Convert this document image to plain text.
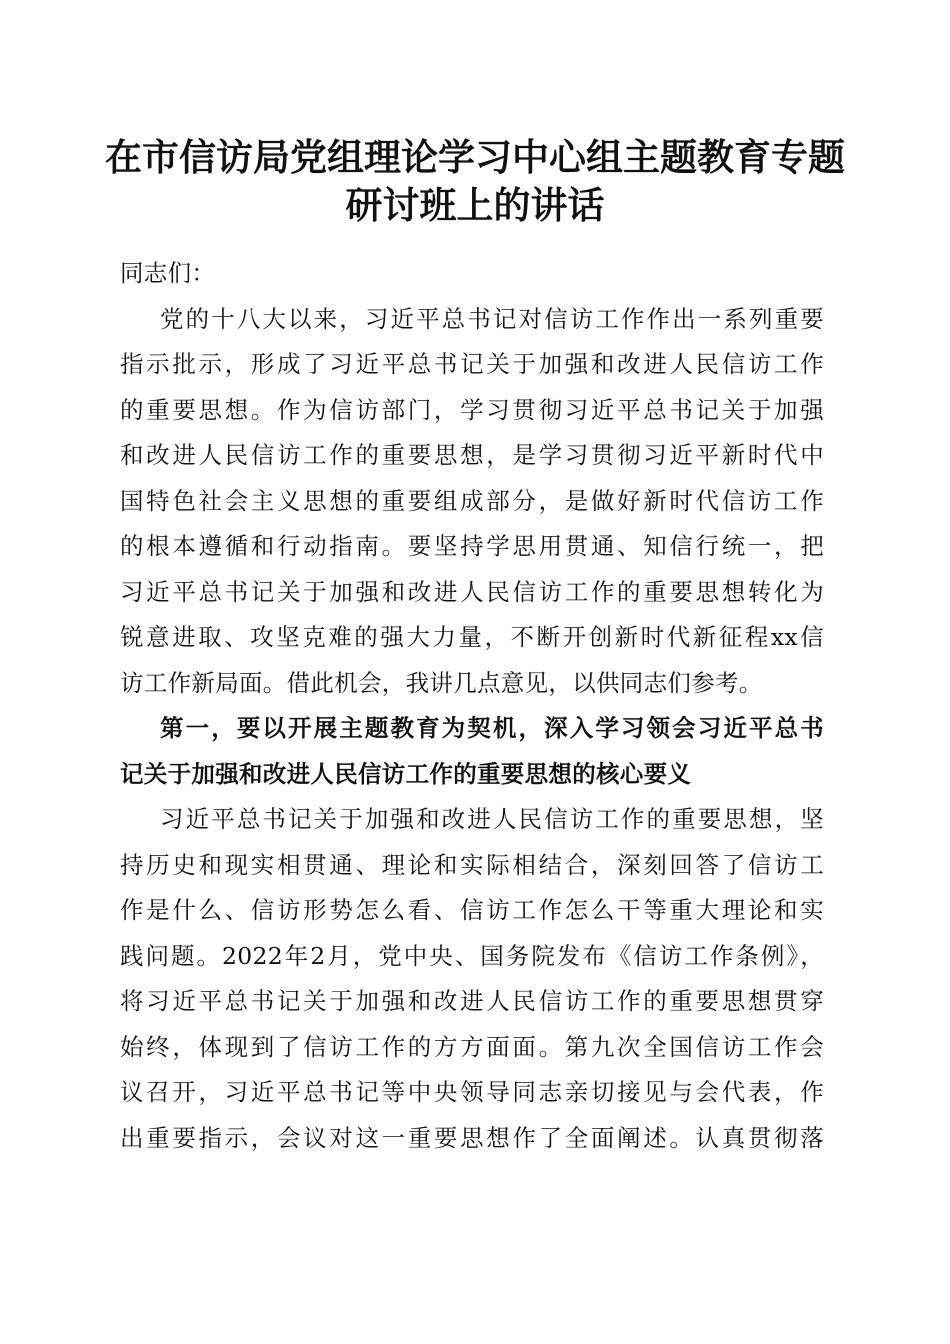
在市信访局党组理论学习中心组主题教育专题
研讨班上的讲话
同志们：
党的十八大以来，习近平总书记对信访工作作出一系列重要
指示批示，形成了习近平总书记关于加强和改进人民信访工作
的重要思想。作为信访部门，学习贯彻习近平总书记关于加强
和改进人民信访工作的重要思想，是学习贯彻习近平新时代中
国特色社会主义思想的重要组成部分，是做好新时代信访工作
的根本遵循和行动指南。要坚持学思用贯通、知信行统一，把
习近平总书记关于加强和改进人民信访工作的重要思想转化为
锐意进取、攻坚克难的强大力量，不断开创新时代新征程xx信
访工作新局面。借此机会，我讲几点意见，以供同志们参考。
第一，要以开展主题教育为契机，深入学习领会习近平总书
记关于加强和改进人民信访工作的重要思想的核心要义
习近平总书记关于加强和改进人民信访工作的重要思想，坚
持历史和现实相贯通、理论和实际相结合，深刻回答了信访工
作是什么、信访形势怎么看、信访工作怎么干等重大理论和实
践问题。2022年2月，党中央、国务院发布《信访工作条例》，
将习近平总书记关于加强和改进人民信访工作的重要思想贯穿
始终，体现到了信访工作的方方面面。第九次全国信访工作会
议召开，习近平总书记等中央领导同志亲切接见与会代表，作
出重要指示，会议对这一重要思想作了全面阐述。认真贯彻落
